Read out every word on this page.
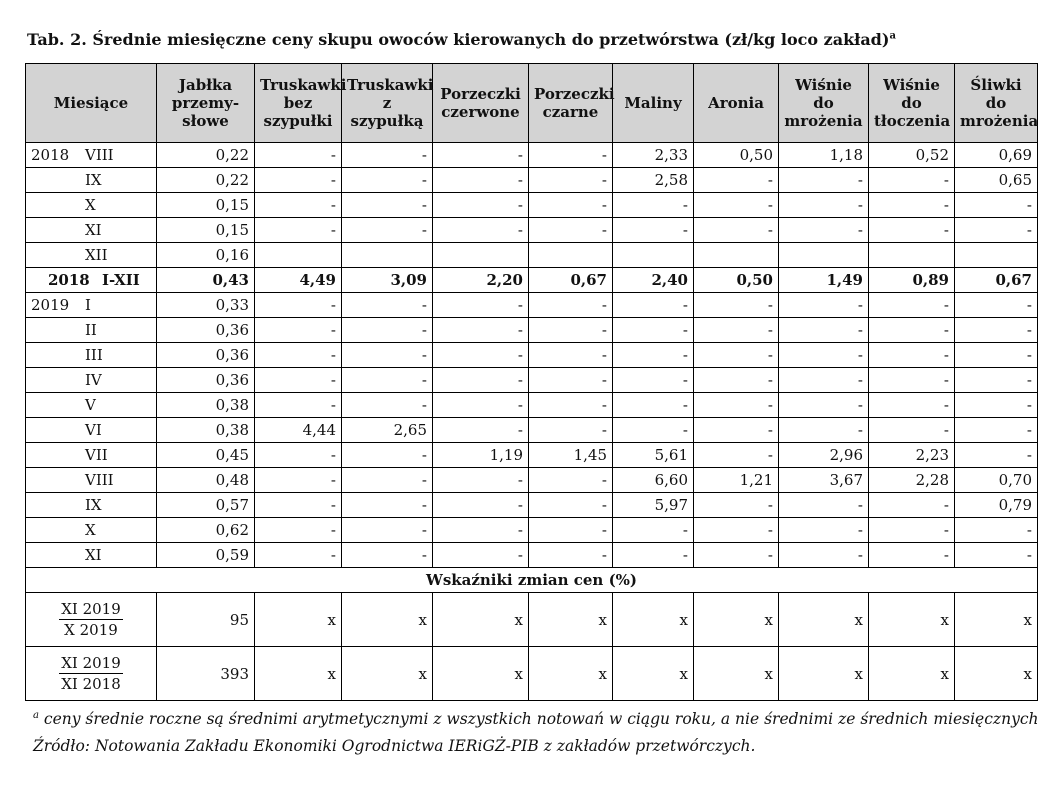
Tab. 2. Średnie miesięczne ceny skupu owoców kierowanych do przetwórstwa (zł/kg loco zakład)$^a$
Miesiące	Jabłka
przemy-
słowe	Truskawki
bez
szypułki	Truskawki
z szypułką	Porzeczki
czerwone	Porzeczki
czarne	Maliny	Aronia	Wiśnie
do
mrożenia	Wiśnie
do
tłoczenia	Śliwki
do
mrożenia
2018 VIII	0,22	-	-	-	-	2,33	0,50	1,18	0,52	0,69
IX	0,22	-	-	-	-	2,58	-	-	-	0,65
X	0,15	-	-	-	-	-	-	-	-	-
XI	0,15	-	-	-	-	-	-	-	-	-
XII	0,16									
2018 I-XII	0,43	4,49	3,09	2,20	0,67	2,40	0,50	1,49	0,89	0,67
2019 I	0,33	-	-	-	-	-	-	-	-	-
II	0,36	-	-	-	-	-	-	-	-	-
III	0,36	-	-	-	-	-	-	-	-	-
IV	0,36	-	-	-	-	-	-	-	-	-
V	0,38	-	-	-	-	-	-	-	-	-
VI	0,38	4,44	2,65	-	-	-	-	-	-	-
VII	0,45	-	-	1,19	1,45	5,61	-	2,96	2,23	-
VIII	0,48	-	-	-	-	6,60	1,21	3,67	2,28	0,70
IX	0,57	-	-	-	-	5,97	-	-	-	0,79
X	0,62	-	-	-	-	-	-	-	-	-
XI	0,59	-	-	-	-	-	-	-	-	-
Wskaźniki zmian cen (%)										

$\frac{XI 2019}{X 2019}$	95	x	x	x	x	x	x	x	x	x

$\frac{XI 2019}{XI 2018}$	393	x	x	x	x	x	x	x	x	x
$^a$ ceny średnie roczne są średnimi arytmetycznymi z wszystkich notowań w ciągu roku, a nie średnimi ze średnich miesięcznych
Źródło: Notowania Zakładu Ekonomiki Ogrodnictwa IERiGŻ-PIB z zakładów przetwórczych.
